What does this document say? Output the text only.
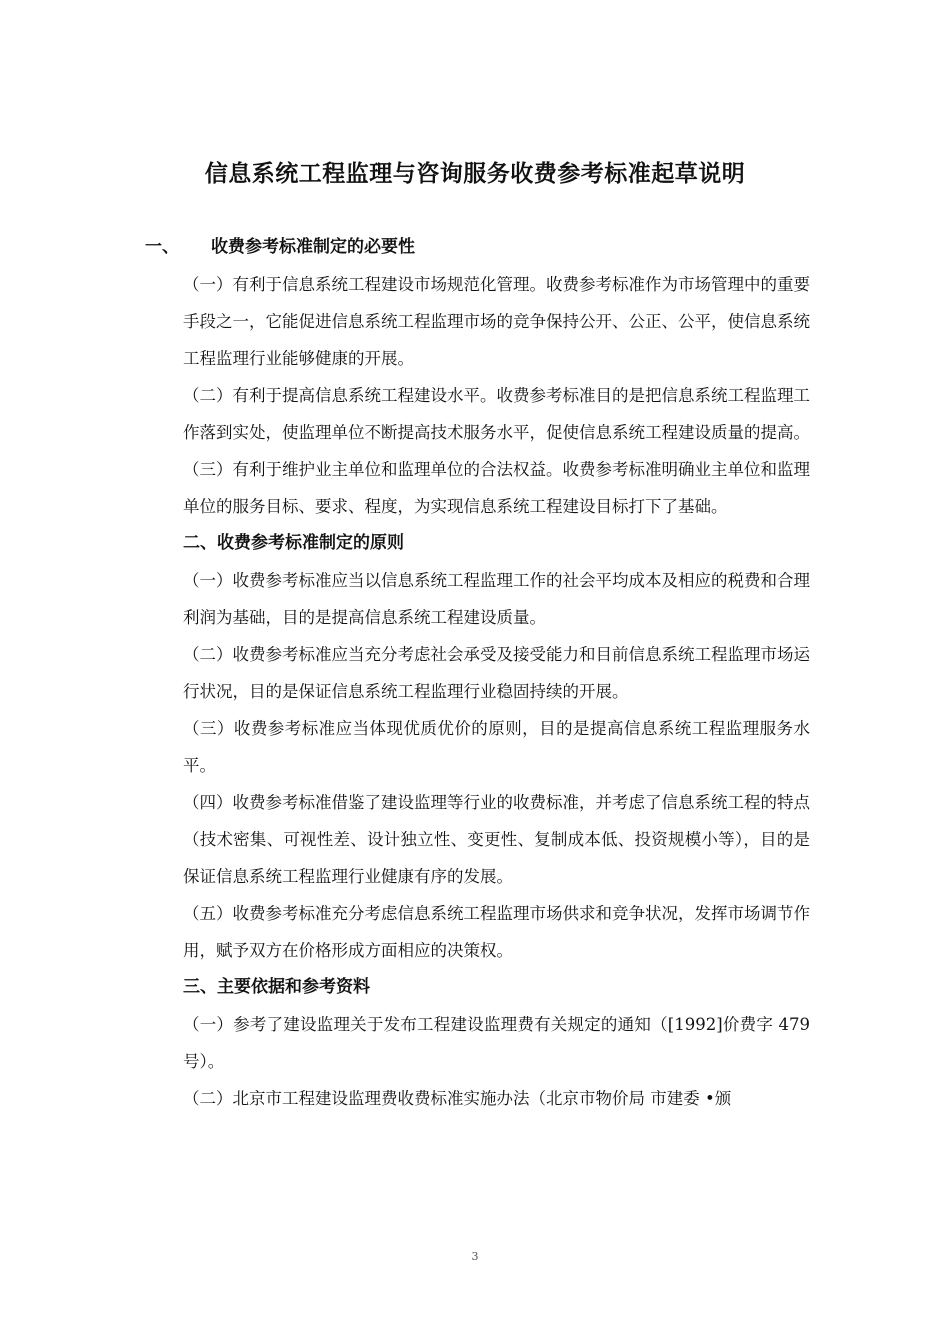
信息系统工程监理与咨询服务收费参考标准起草说明

一、 收费参考标准制定的必要性

（一）有利于信息系统工程建设市场规范化管理。收费参考标准作为市场管理中的重要手段之一，它能促进信息系统工程监理市场的竞争保持公开、公正、公平，使信息系统工程监理行业能够健康的开展。

（二）有利于提高信息系统工程建设水平。收费参考标准目的是把信息系统工程监理工作落到实处，使监理单位不断提高技术服务水平，促使信息系统工程建设质量的提高。

（三）有利于维护业主单位和监理单位的合法权益。收费参考标准明确业主单位和监理单位的服务目标、要求、程度，为实现信息系统工程建设目标打下了基础。

二、收费参考标准制定的原则

（一）收费参考标准应当以信息系统工程监理工作的社会平均成本及相应的税费和合理利润为基础，目的是提高信息系统工程建设质量。

（二）收费参考标准应当充分考虑社会承受及接受能力和目前信息系统工程监理市场运行状况，目的是保证信息系统工程监理行业稳固持续的开展。

（三）收费参考标准应当体现优质优价的原则，目的是提高信息系统工程监理服务水平。

（四）收费参考标准借鉴了建设监理等行业的收费标准，并考虑了信息系统工程的特点（技术密集、可视性差、设计独立性、变更性、复制成本低、投资规模小等），目的是保证信息系统工程监理行业健康有序的发展。

（五）收费参考标准充分考虑信息系统工程监理市场供求和竞争状况，发挥市场调节作用，赋予双方在价格形成方面相应的决策权。

三、主要依据和参考资料

（一）参考了建设监理关于发布工程建设监理费有关规定的通知（[1992]价费字 479 号）。

（二）北京市工程建设监理费收费标准实施办法（北京市物价局 市建委 •颁

3
